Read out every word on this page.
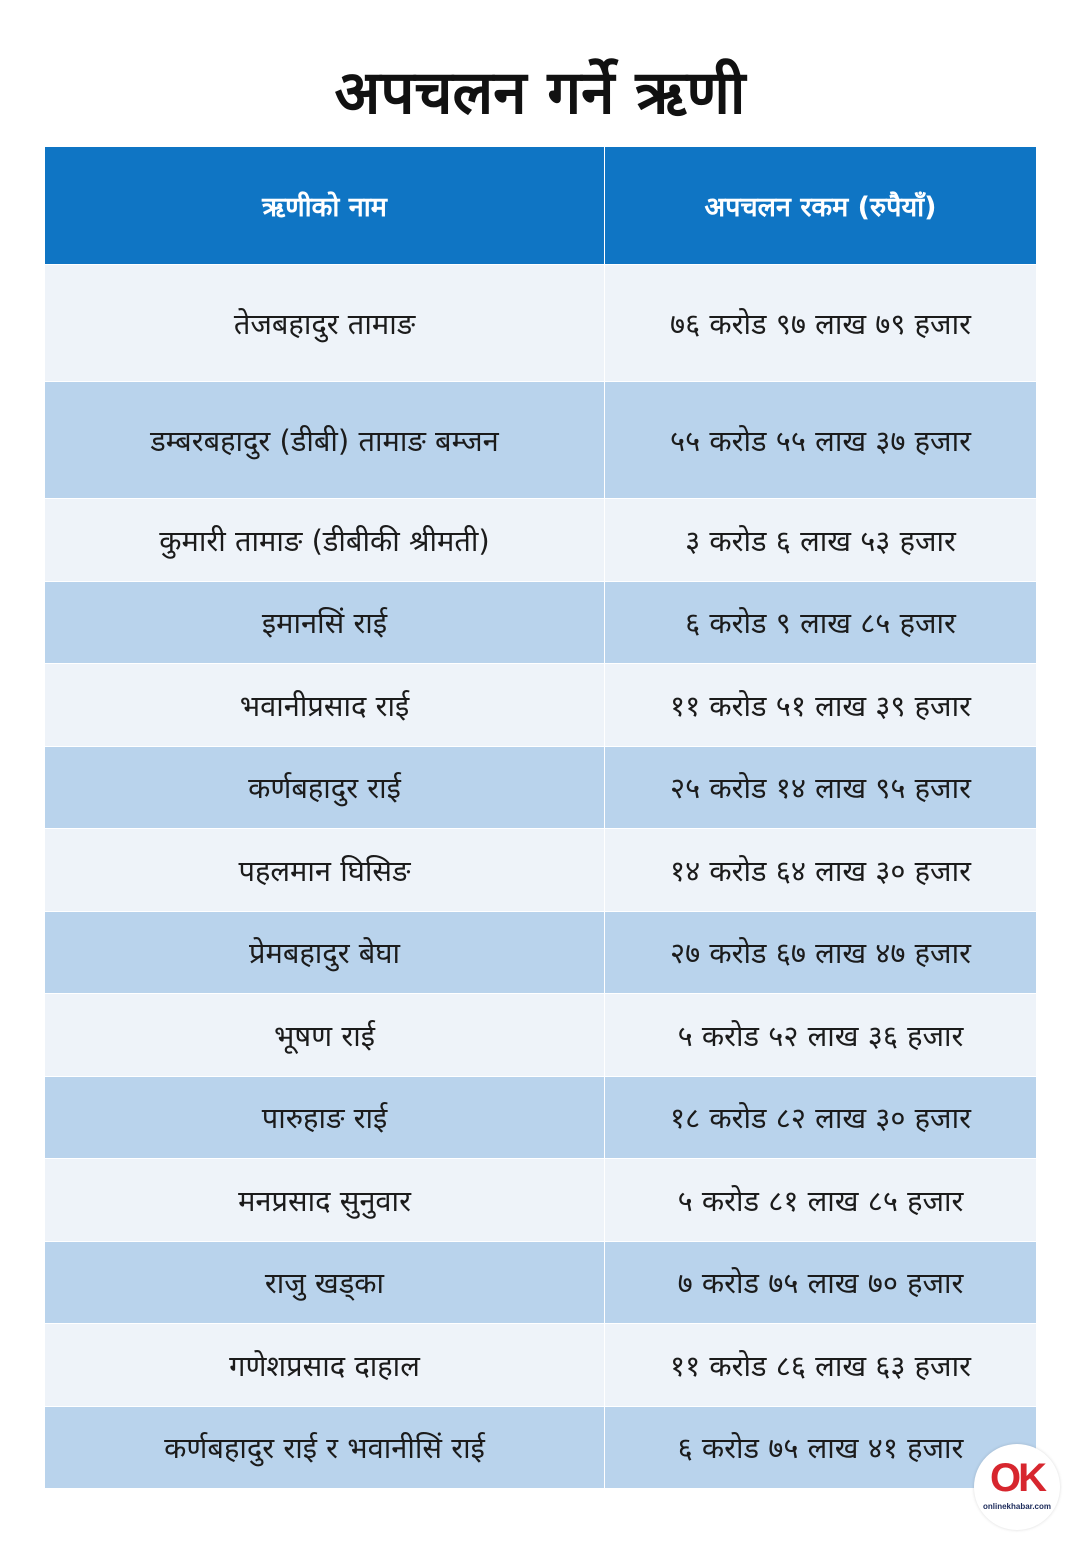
अपचलन गर्ने ऋणी
ऋणीको नाम	अपचलन रकम (रुपैयाँ)
तेजबहादुर तामाङ	७६ करोड ९७ लाख ७९ हजार
डम्बरबहादुर (डीबी) तामाङ बम्जन	५५ करोड ५५ लाख ३७ हजार
कुमारी तामाङ (डीबीकी श्रीमती)	३ करोड ६ लाख ५३ हजार
इमानसिं राई	६ करोड ९ लाख ८५ हजार
भवानीप्रसाद राई	११ करोड ५१ लाख ३९ हजार
कर्णबहादुर राई	२५ करोड १४ लाख ९५ हजार
पहलमान घिसिङ	१४ करोड ६४ लाख ३० हजार
प्रेमबहादुर बेघा	२७ करोड ६७ लाख ४७ हजार
भूषण राई	५ करोड ५२ लाख ३६ हजार
पारुहाङ राई	१८ करोड ८२ लाख ३० हजार
मनप्रसाद सुनुवार	५ करोड ८१ लाख ८५ हजार
राजु खड्का	७ करोड ७५ लाख ७० हजार
गणेशप्रसाद दाहाल	११ करोड ८६ लाख ६३ हजार
कर्णबहादुर राई र भवानीसिं राई	६ करोड ७५ लाख ४१ हजार
OK
onlinekhabar.com
